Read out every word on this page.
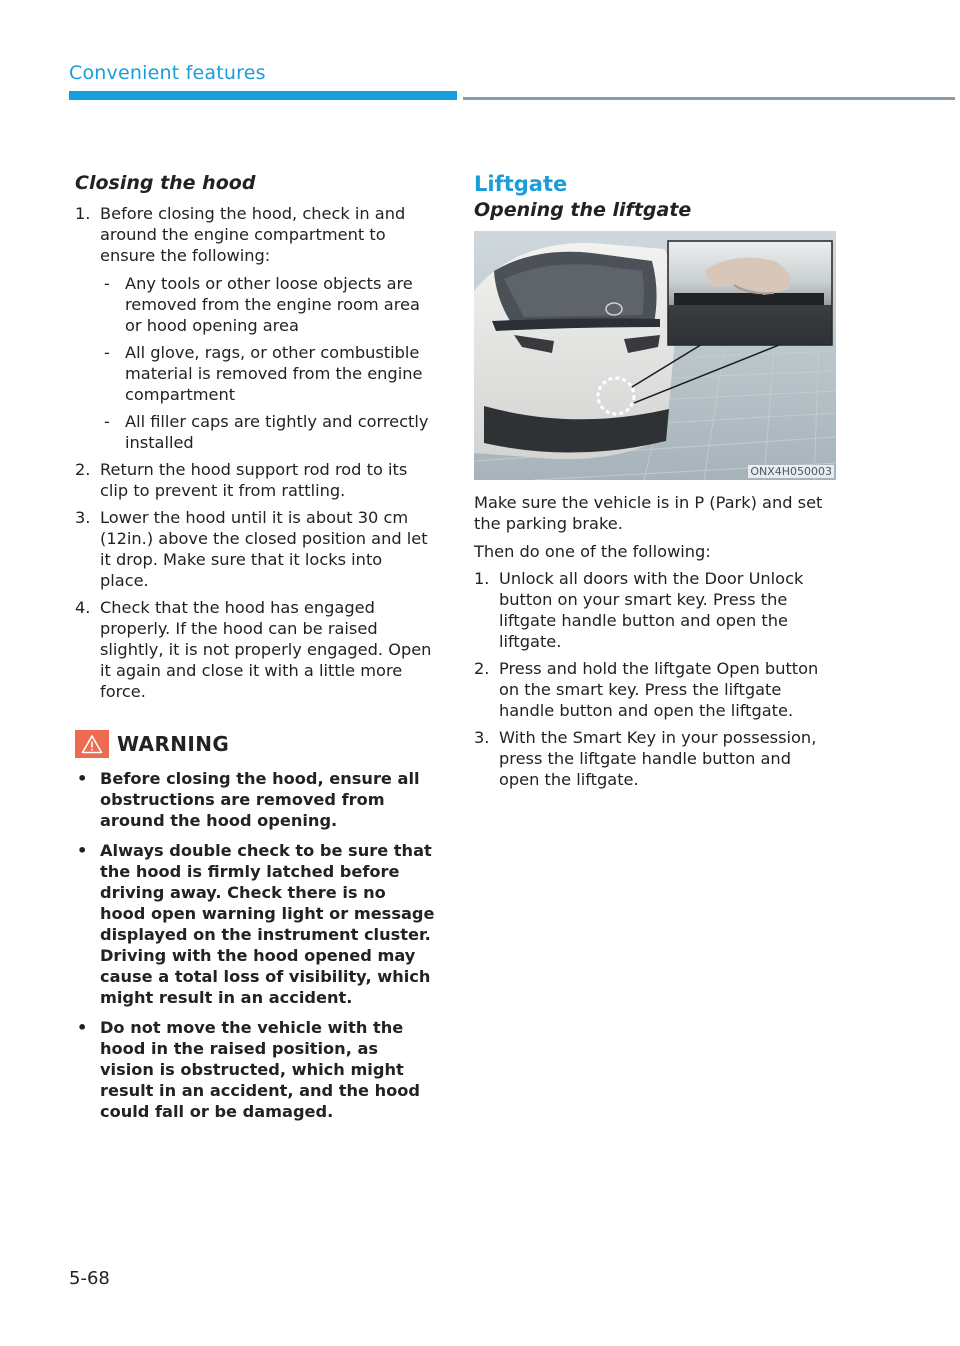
Convenient features
Closing the hood
1. Before closing the hood, check in and around the engine compartment to ensure the following:
- Any tools or other loose objects are removed from the engine room area or hood opening area
- All glove, rags, or other combustible material is removed from the engine compartment
- All filler caps are tightly and correctly installed
2. Return the hood support rod rod to its clip to prevent it from rattling.
3. Lower the hood until it is about 30 cm (12in.) above the closed position and let it drop. Make sure that it locks into place.
4. Check that the hood has engaged properly. If the hood can be raised slightly, it is not properly engaged. Open it again and close it with a little more force.
WARNING
• Before closing the hood, ensure all obstructions are removed from around the hood opening.
• Always double check to be sure that the hood is firmly latched before driving away. Check there is no hood open warning light or message displayed on the instrument cluster. Driving with the hood opened may cause a total loss of visibility, which might result in an accident.
• Do not move the vehicle with the hood in the raised position, as vision is obstructed, which might result in an accident, and the hood could fall or be damaged.
Liftgate
Opening the liftgate
ONX4H050003
Make sure the vehicle is in P (Park) and set the parking brake.
Then do one of the following:
1. Unlock all doors with the Door Unlock button on your smart key. Press the liftgate handle button and open the liftgate.
2. Press and hold the liftgate Open button on the smart key. Press the liftgate handle button and open the liftgate.
3. With the Smart Key in your possession, press the liftgate handle button and open the liftgate.
5-68
